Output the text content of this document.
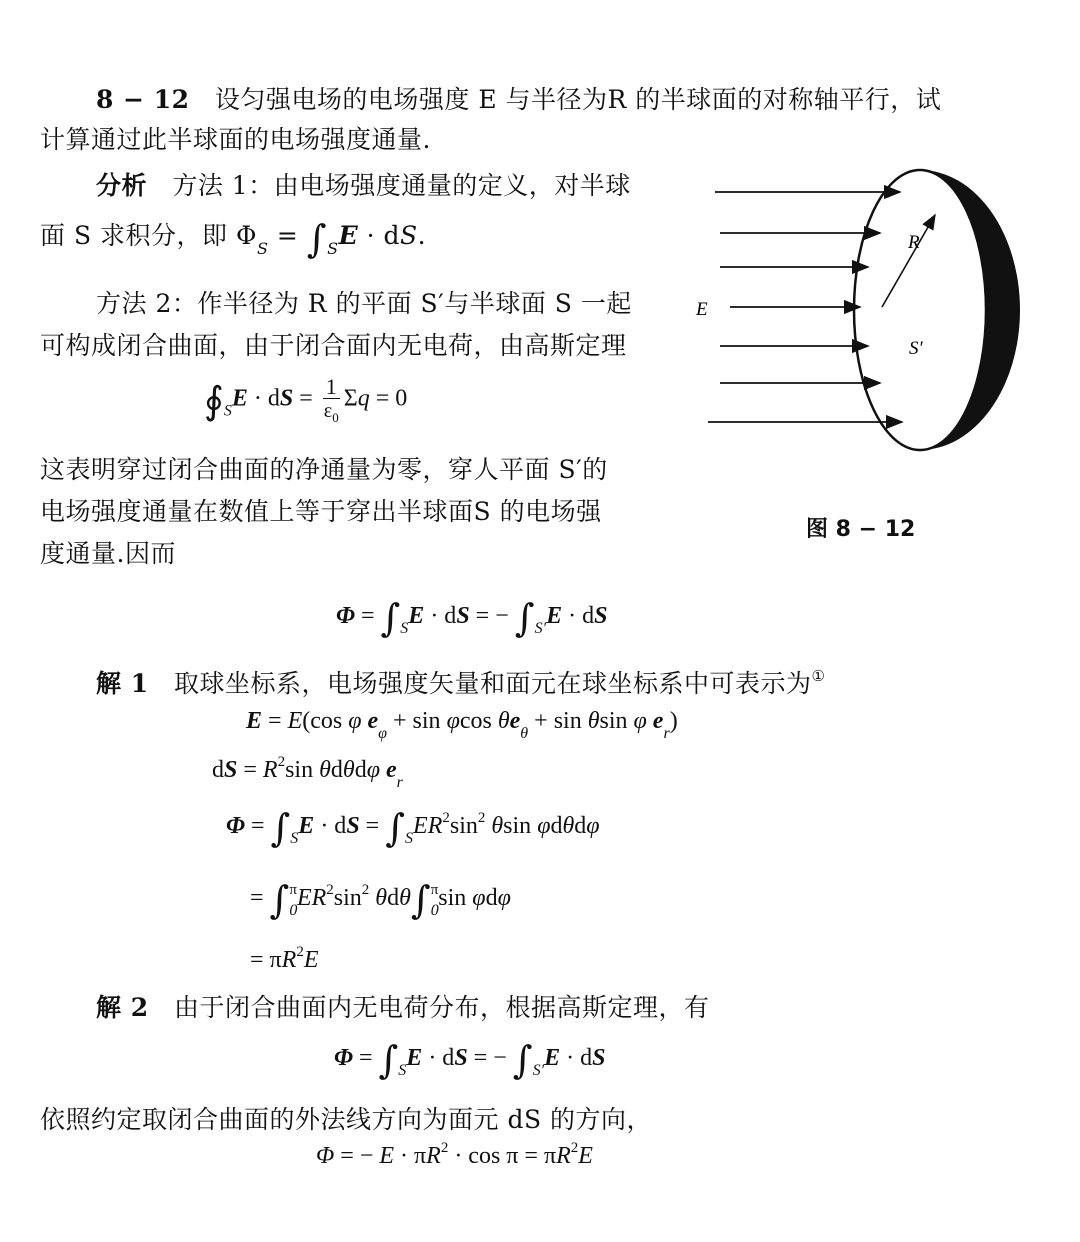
8 − 12 设匀强电场的电场强度 E 与半径为R 的半球面的对称轴平行，试
计算通过此半球面的电场强度通量.
分析 方法 1：由电场强度通量的定义，对半球
面 S 求积分，即 $\Phi_S = \int_SE$ · dS.
方法 2：作半径为 R 的平面 S′与半球面 S 一起
可构成闭合曲面，由于闭合面内无电荷，由高斯定理
$∮_SE$ · dS = $\frac{1}{\varepsilon_0}$ Σq = 0
这表明穿过闭合曲面的净通量为零，穿人平面 S′的
电场强度通量在数值上等于穿出半球面S 的电场强
度通量.因而
R
E
S′
图 8 − 12
$\Phi = \int_SE$ · dS = − $\int_{S'}E$ · dS
解 1 取球坐标系，电场强度矢量和面元在球坐标系中可表示为①
E = E(cos φ $e_\varphi + \sin \varphi\cos$ $\theta e_\theta + \sin \theta\sin$ φ $e_r$)
dS = $R^2\sin$ θdθdφ $e_r$
$\Phi = \int_SE$ · dS = $\int_SER^2\sin^2$ θsin φdθdφ
= $\int_0^\pi ER^2\sin^2$ $\theta d\theta\int_0^\pi\sin$ φdφ
= $\pi R^2E$
解 2 由于闭合曲面内无电荷分布，根据高斯定理，有
$\Phi = \int_SE$ · dS = − $\int_{S'}E$ · dS
依照约定取闭合曲面的外法线方向为面元 dS 的方向，
Φ = − $E \cdot \pi R^2 \cdot \cos \pi = \pi R^2E$
